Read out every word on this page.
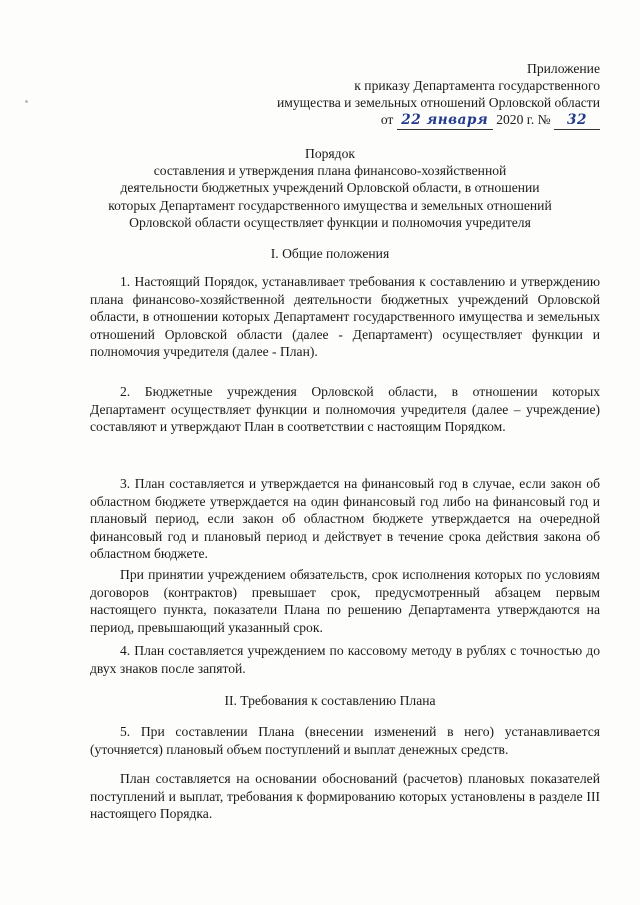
Приложение
к приказу Департамента государственного
имущества и земельных отношений Орловской области
от 22 января 2020 г. № 32
Порядок
составления и утверждения плана финансово-хозяйственной
деятельности бюджетных учреждений Орловской области, в отношении
которых Департамент государственного имущества и земельных отношений
Орловской области осуществляет функции и полномочия учредителя
I. Общие положения
1. Настоящий Порядок, устанавливает требования к составлению и утверждению плана финансово-хозяйственной деятельности бюджетных учреждений Орловской области, в отношении которых Департамент государственного имущества и земельных отношений Орловской области (далее - Департамент) осуществляет функции и полномочия учредителя (далее - План).
2. Бюджетные учреждения Орловской области, в отношении которых Департамент осуществляет функции и полномочия учредителя (далее – учреждение) составляют и утверждают План в соответствии с настоящим Порядком.
3. План составляется и утверждается на финансовый год в случае, если закон об областном бюджете утверждается на один финансовый год либо на финансовый год и плановый период, если закон об областном бюджете утверждается на очередной финансовый год и плановый период и действует в течение срока действия закона об областном бюджете.
При принятии учреждением обязательств, срок исполнения которых по условиям договоров (контрактов) превышает срок, предусмотренный абзацем первым настоящего пункта, показатели Плана по решению Департамента утверждаются на период, превышающий указанный срок.
4. План составляется учреждением по кассовому методу в рублях с точностью до двух знаков после запятой.
II. Требования к составлению Плана
5. При составлении Плана (внесении изменений в него) устанавливается (уточняется) плановый объем поступлений и выплат денежных средств.
План составляется на основании обоснований (расчетов) плановых показателей поступлений и выплат, требования к формированию которых установлены в разделе III настоящего Порядка.
